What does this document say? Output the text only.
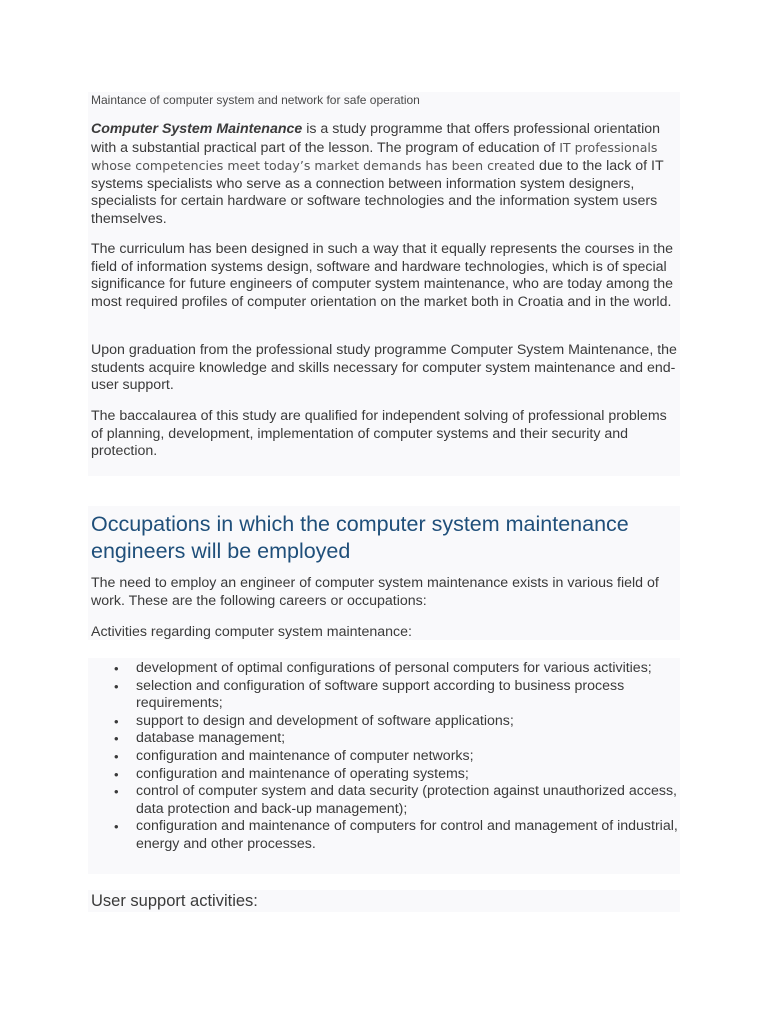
Maintance of computer system and network for safe operation

Computer System Maintenance is a study programme that offers professional orientation with a substantial practical part of the lesson. The program of education of IT professionals whose competencies meet today’s market demands has been created due to the lack of IT systems specialists who serve as a connection between information system designers, specialists for certain hardware or software technologies and the information system users themselves.

The curriculum has been designed in such a way that it equally represents the courses in the field of information systems design, software and hardware technologies, which is of special significance for future engineers of computer system maintenance, who are today among the most required profiles of computer orientation on the market both in Croatia and in the world.

Upon graduation from the professional study programme Computer System Maintenance, the students acquire knowledge and skills necessary for computer system maintenance and end-user support.

The baccalaurea of this study are qualified for independent solving of professional problems of planning, development, implementation of computer systems and their security and protection.

Occupations in which the computer system maintenance engineers will be employed

The need to employ an engineer of computer system maintenance exists in various field of work. These are the following careers or occupations:

Activities regarding computer system maintenance:

• development of optimal configurations of personal computers for various activities;
• selection and configuration of software support according to business process requirements;
• support to design and development of software applications;
• database management;
• configuration and maintenance of computer networks;
• configuration and maintenance of operating systems;
• control of computer system and data security (protection against unauthorized access, data protection and back-up management);
• configuration and maintenance of computers for control and management of industrial, energy and other processes.

User support activities:
